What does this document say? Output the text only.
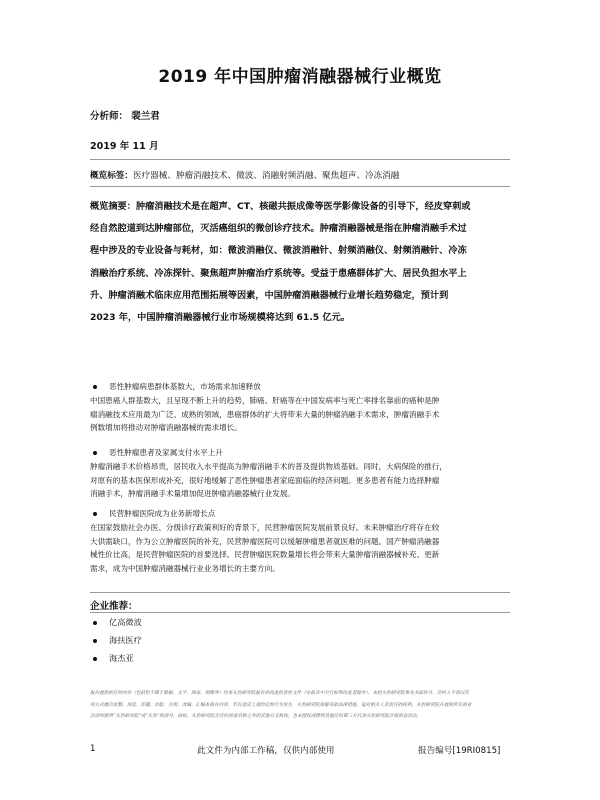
2019 年中国肿瘤消融器械行业概览
分析师： 裴兰君
2019 年 11 月
概览标签：医疗器械、肿瘤消融技术、微波、消融射频消融、聚焦超声、冷冻消融
概览摘要：肿瘤消融技术是在超声、CT、核磁共振成像等医学影像设备的引导下，经皮穿刺或
经自然腔道到达肿瘤部位，灭活癌组织的微创诊疗技术。肿瘤消融器械是指在肿瘤消融手术过
程中涉及的专业设备与耗材，如：微波消融仪、微波消融针、射频消融仪、射频消融针、冷冻
消融治疗系统、冷冻探针、聚焦超声肿瘤治疗系统等。受益于患癌群体扩大、居民负担水平上
升、肿瘤消融术临床应用范围拓展等因素，中国肿瘤消融器械行业增长趋势稳定，预计到
2023 年，中国肿瘤消融器械行业市场规模将达到 61.5 亿元。
恶性肿瘤病患群体基数大，市场需求加速释放
中国患癌人群基数大，且呈现不断上升的趋势，肺癌、肝癌等在中国发病率与死亡率排名靠前的癌种是肿
瘤消融技术应用最为广泛、成熟的领域，患癌群体的扩大将带来大量的肿瘤消融手术需求，肿瘤消融手术
例数增加将推动对肿瘤消融器械的需求增长。
恶性肿瘤患者及家属支付水平上升
肿瘤消融手术价格昂贵，居民收入水平提高为肿瘤消融手术的普及提供物质基础。同时，大病保险的推行，
对原有的基本医保形成补充，很好地缓解了恶性肿瘤患者家庭面临的经济问题。更多患者有能力选择肿瘤
消融手术，肿瘤消融手术量增加促进肿瘤消融器械行业发展。
民营肿瘤医院成为业务新增长点
在国家鼓励社会办医、分级诊疗政策利好的背景下，民营肿瘤医院发展前景良好。未来肿瘤治疗将存在较
大供需缺口，作为公立肿瘤医院的补充，民营肿瘤医院可以缓解肿瘤患者就医难的问题。国产肿瘤消融器
械性价比高，是民营肿瘤医院的首要选择。民营肿瘤医院数量增长将会带来大量肿瘤消融器械补充、更新
需求，成为中国肿瘤消融器械行业业务增长的主要方向。
企业推荐：
亿高微波
海扶医疗
海杰亚
报告提供的任何内容（包括但不限于数据、文字、图表、图像等）均系头豹研究院独有的高度机密性文件（在报告中另行标明出处者除外）。未经头豹研究院事先书面许可，任何人不得以任
何方式擅自复制、再造、传播、出版、引用、改编、汇编本报告内容，若有违反上述约定的行为发生，头豹研究院保留采取法律措施，追究相关人员责任的权利。头豹研究院开展的所有商业
活动均使用“头豹研究院”或“头豹”的商号、商标，头豹研究院无任何前述名称之外的其他分支机构，也未授权或聘用其他任何第三方代表头豹研究院开展商业活动。
1	此文件为内部工作稿，仅供内部使用	报告编号[19RI0815]
